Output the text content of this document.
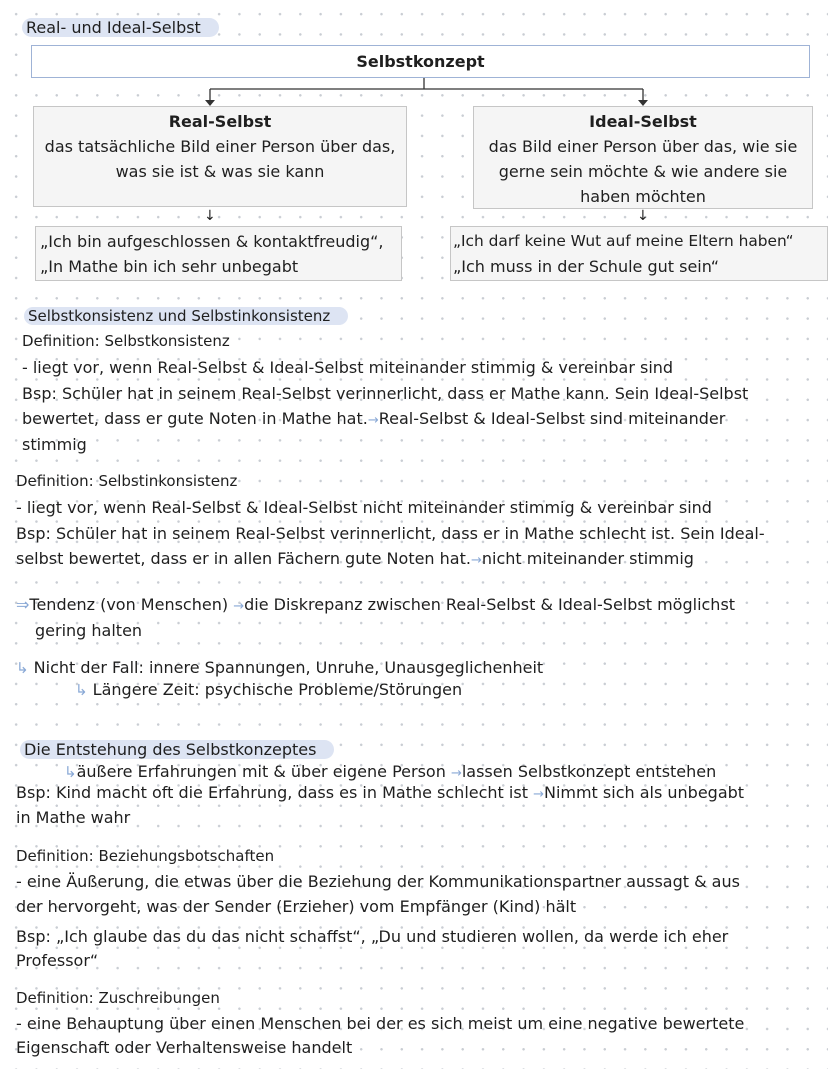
Real- und Ideal-Selbst
Selbstkonzept
Real-Selbst
das tatsächliche Bild einer Person über das,
was sie ist & was sie kann
Ideal-Selbst
das Bild einer Person über das, wie sie
gerne sein möchte & wie andere sie
haben möchten
↓	↓
„Ich bin aufgeschlossen & kontaktfreudig“,
„In Mathe bin ich sehr unbegabt
„Ich darf keine Wut auf meine Eltern haben“
„Ich muss in der Schule gut sein“
Selbstkonsistenz und Selbstinkonsistenz
Definition: Selbstkonsistenz
- liegt vor, wenn Real-Selbst & Ideal-Selbst miteinander stimmig & vereinbar sind
Bsp: Schüler hat in seinem Real-Selbst verinnerlicht, dass er Mathe kann. Sein Ideal-Selbst
bewertet, dass er gute Noten in Mathe hat.→Real-Selbst & Ideal-Selbst sind miteinander
stimmig
Definition: Selbstinkonsistenz
- liegt vor, wenn Real-Selbst & Ideal-Selbst nicht miteinander stimmig & vereinbar sind
Bsp: Schüler hat in seinem Real-Selbst verinnerlicht, dass er in Mathe schlecht ist. Sein Ideal-
selbst bewertet, dass er in allen Fächern gute Noten hat.→nicht miteinander stimmig
⇒Tendenz (von Menschen) →die Diskrepanz zwischen Real-Selbst & Ideal-Selbst möglichst
gering halten
↳ Nicht der Fall: innere Spannungen, Unruhe, Unausgeglichenheit
↳ Längere Zeit: psychische Probleme/Störungen
Die Entstehung des Selbstkonzeptes
↳äußere Erfahrungen mit & über eigene Person →lassen Selbstkonzept entstehen
Bsp: Kind macht oft die Erfahrung, dass es in Mathe schlecht ist →Nimmt sich als unbegabt
in Mathe wahr
Definition: Beziehungsbotschaften
- eine Äußerung, die etwas über die Beziehung der Kommunikationspartner aussagt & aus
der hervorgeht, was der Sender (Erzieher) vom Empfänger (Kind) hält
Bsp: „Ich glaube das du das nicht schaffst“, „Du und studieren wollen, da werde ich eher
Professor“
Definition: Zuschreibungen
- eine Behauptung über einen Menschen bei der es sich meist um eine negative bewertete
Eigenschaft oder Verhaltensweise handelt
